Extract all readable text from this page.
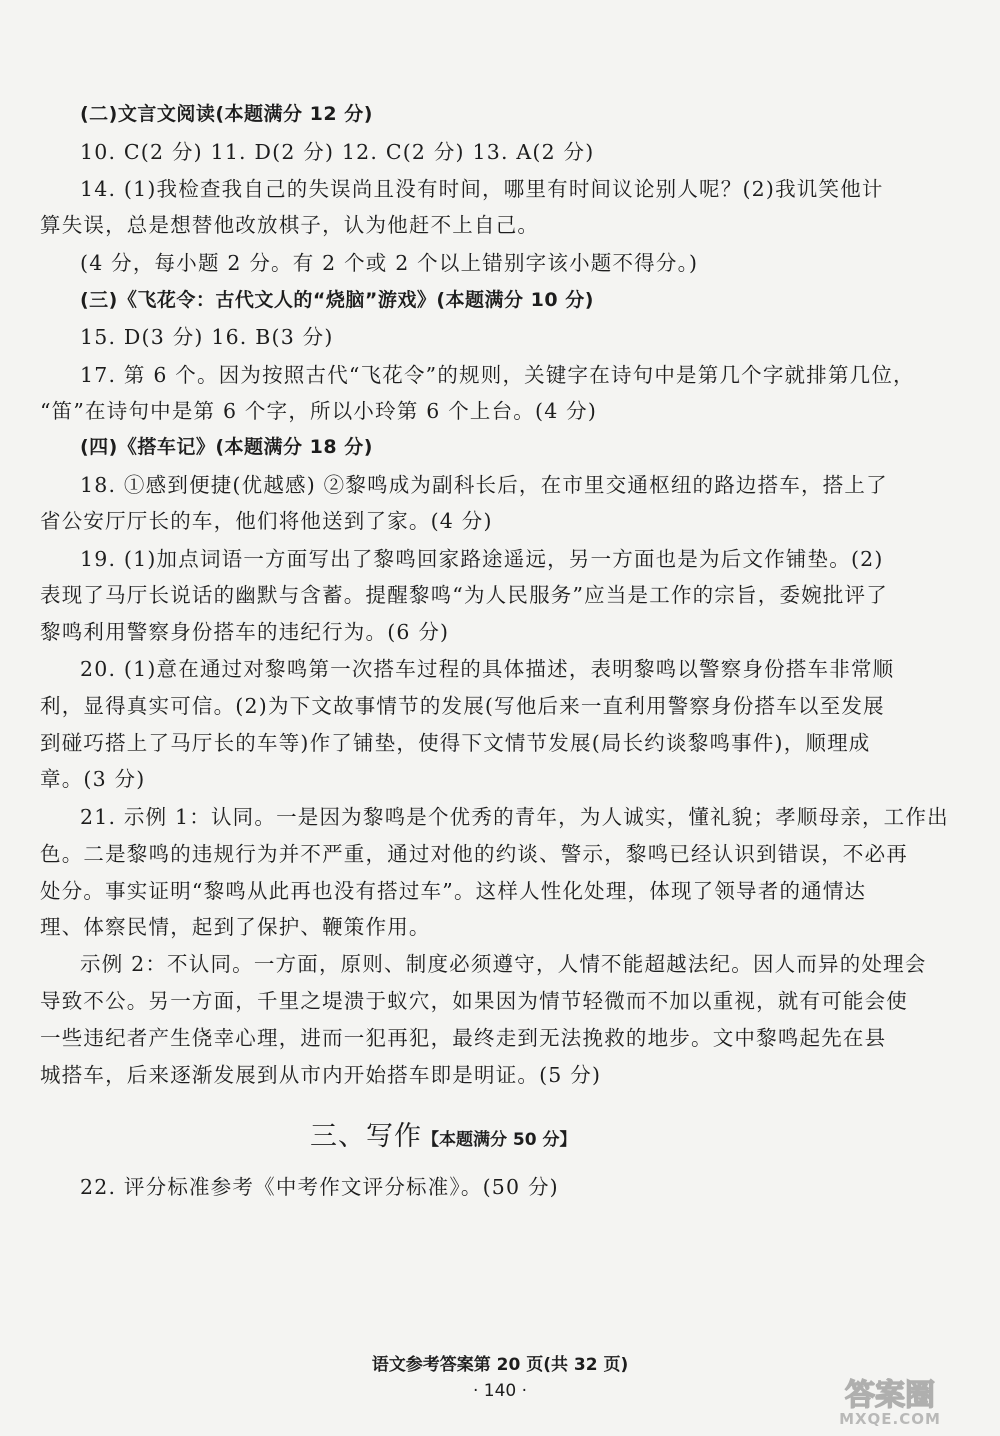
(二)文言文阅读(本题满分 12 分)
10. C(2 分) 11. D(2 分) 12. C(2 分) 13. A(2 分)
14. (1)我检查我自己的失误尚且没有时间，哪里有时间议论别人呢？(2)我讥笑他计
算失误，总是想替他改放棋子，认为他赶不上自己。
(4 分，每小题 2 分。有 2 个或 2 个以上错别字该小题不得分。)
(三)《飞花令：古代文人的“烧脑”游戏》(本题满分 10 分)
15. D(3 分) 16. B(3 分)
17. 第 6 个。因为按照古代“飞花令”的规则，关键字在诗句中是第几个字就排第几位，
“笛”在诗句中是第 6 个字，所以小玲第 6 个上台。(4 分)
(四)《搭车记》(本题满分 18 分)
18. ①感到便捷(优越感) ②黎鸣成为副科长后，在市里交通枢纽的路边搭车，搭上了
省公安厅厅长的车，他们将他送到了家。(4 分)
19. (1)加点词语一方面写出了黎鸣回家路途遥远，另一方面也是为后文作铺垫。(2)
表现了马厅长说话的幽默与含蓄。提醒黎鸣“为人民服务”应当是工作的宗旨，委婉批评了
黎鸣利用警察身份搭车的违纪行为。(6 分)
20. (1)意在通过对黎鸣第一次搭车过程的具体描述，表明黎鸣以警察身份搭车非常顺
利，显得真实可信。(2)为下文故事情节的发展(写他后来一直利用警察身份搭车以至发展
到碰巧搭上了马厅长的车等)作了铺垫，使得下文情节发展(局长约谈黎鸣事件)，顺理成
章。(3 分)
21. 示例 1：认同。一是因为黎鸣是个优秀的青年，为人诚实，懂礼貌；孝顺母亲，工作出
色。二是黎鸣的违规行为并不严重，通过对他的约谈、警示，黎鸣已经认识到错误，不必再
处分。事实证明“黎鸣从此再也没有搭过车”。这样人性化处理，体现了领导者的通情达
理、体察民情，起到了保护、鞭策作用。
示例 2：不认同。一方面，原则、制度必须遵守，人情不能超越法纪。因人而异的处理会
导致不公。另一方面，千里之堤溃于蚁穴，如果因为情节轻微而不加以重视，就有可能会使
一些违纪者产生侥幸心理，进而一犯再犯，最终走到无法挽救的地步。文中黎鸣起先在县
城搭车，后来逐渐发展到从市内开始搭车即是明证。(5 分)
三、写作【本题满分 50 分】
22. 评分标准参考《中考作文评分标准》。(50 分)
语文参考答案第 20 页(共 32 页)
· 140 ·	答案圈
MXQE.COM
